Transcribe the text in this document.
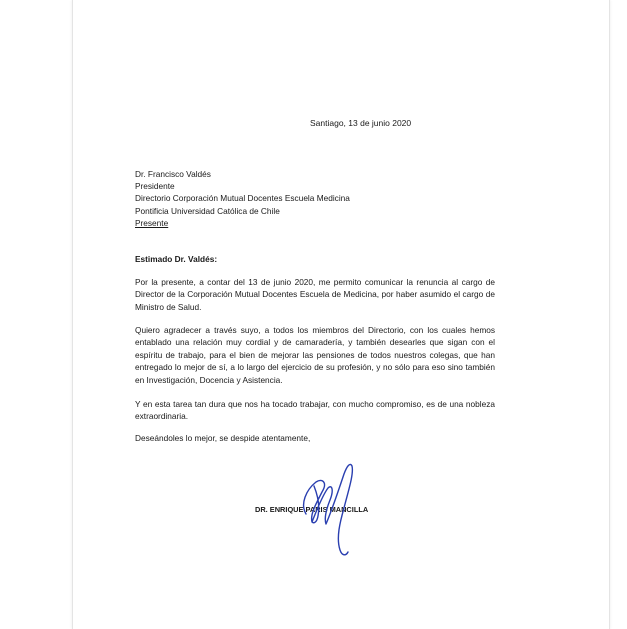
Santiago, 13 de junio 2020
Dr. Francisco Valdés
Presidente
Directorio Corporación Mutual Docentes Escuela Medicina
Pontificia Universidad Católica de Chile
Presente
Estimado Dr. Valdés:

Por la presente, a contar del 13 de junio 2020, me permito comunicar la renuncia al cargo de Director de la Corporación Mutual Docentes Escuela de Medicina, por haber asumido el cargo de Ministro de Salud.

Quiero agradecer a través suyo, a todos los miembros del Directorio, con los cuales hemos entablado una relación muy cordial y de camaradería, y también desearles que sigan con el espíritu de trabajo, para el bien de mejorar las pensiones de todos nuestros colegas, que han entregado lo mejor de sí, a lo largo del ejercicio de su profesión, y no sólo para eso sino también en Investigación, Docencia y Asistencia.

Y en esta tarea tan dura que nos ha tocado trabajar, con mucho compromiso, es de una nobleza extraordinaria.

Deseándoles lo mejor, se despide atentamente,
DR. ENRIQUE PARIS MANCILLA
